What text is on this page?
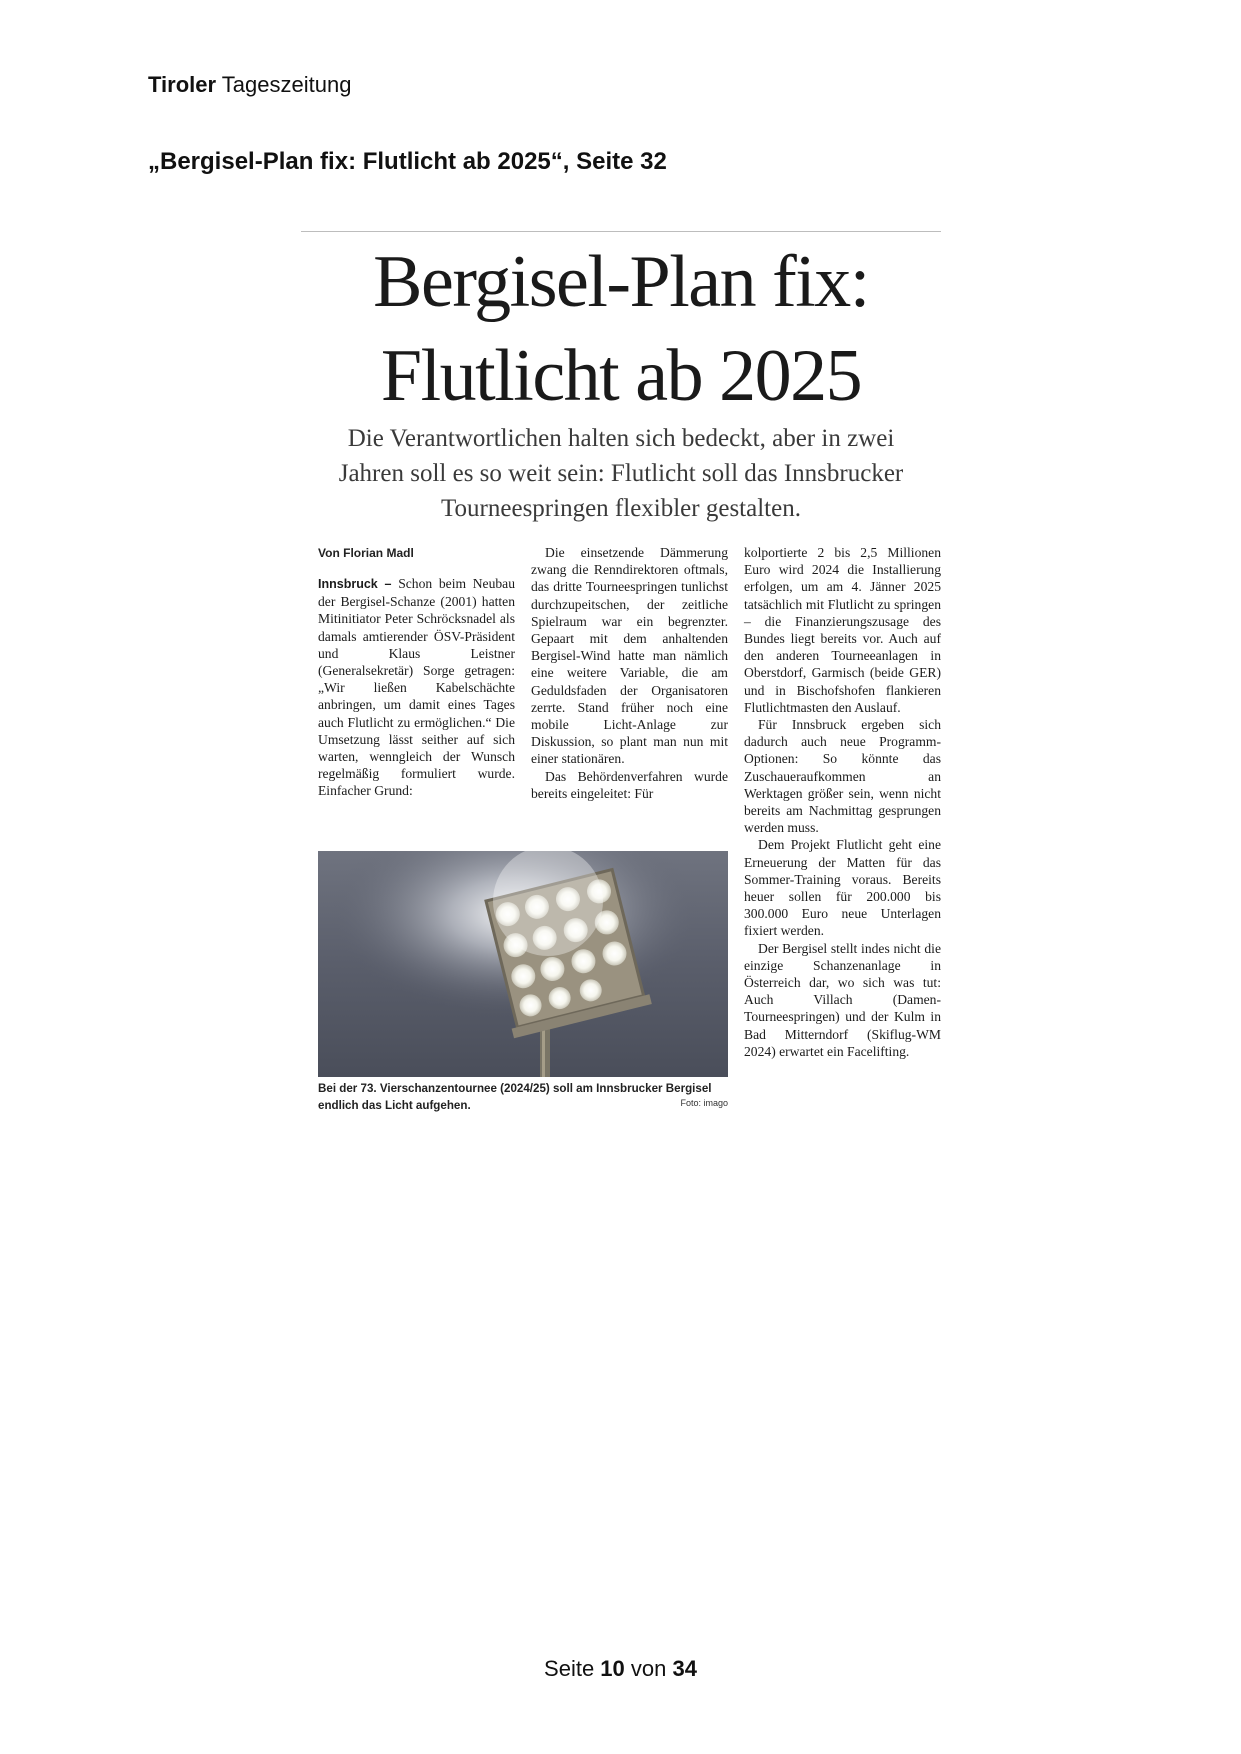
Tiroler Tageszeitung
„Bergisel-Plan fix: Flutlicht ab 2025“, Seite 32
Bergisel-Plan fix:
Flutlicht ab 2025
Die Verantwortlichen halten sich bedeckt, aber in zwei Jahren soll es so weit sein: Flutlicht soll das Innsbrucker Tourneespringen flexibler gestalten.
Von Florian Madl

Innsbruck – Schon beim Neubau der Bergisel-Schanze (2001) hatten Mitinitiator Peter Schröcksnadel als damals amtierender ÖSV-Präsident und Klaus Leistner (Generalsekretär) Sorge getragen: „Wir ließen Kabelschächte anbringen, um damit eines Tages auch Flutlicht zu ermöglichen.“ Die Umsetzung lässt seither auf sich warten, wenngleich der Wunsch regelmäßig formuliert wurde. Einfacher Grund:

Bei der 73. Vierschanzentournee (2024/25) soll am Innsbrucker Bergisel endlich das Licht aufgehen.	Foto: imago

Die einsetzende Dämmerung zwang die Renndirektoren oftmals, das dritte Tourneespringen tunlichst durchzupeitschen, der zeitliche Spielraum war ein begrenzter. Gepaart mit dem anhaltenden Bergisel-Wind hatte man nämlich eine weitere Variable, die am Geduldsfaden der Organisatoren zerrte. Stand früher noch eine mobile Licht-Anlage zur Diskussion, so plant man nun mit einer stationären.

Das Behördenverfahren wurde bereits eingeleitet: Für

kolportierte 2 bis 2,5 Millionen Euro wird 2024 die Installierung erfolgen, um am 4. Jänner 2025 tatsächlich mit Flutlicht zu springen – die Finanzierungszusage des Bundes liegt bereits vor. Auch auf den anderen Tourneeanlagen in Oberstdorf, Garmisch (beide GER) und in Bischofshofen flankieren Flutlichtmasten den Auslauf.

Für Innsbruck ergeben sich dadurch auch neue Programm-Optionen: So könnte das Zuschaueraufkommen an Werktagen größer sein, wenn nicht bereits am Nachmittag gesprungen werden muss.

Dem Projekt Flutlicht geht eine Erneuerung der Matten für das Sommer-Training voraus. Bereits heuer sollen für 200.000 bis 300.000 Euro neue Unterlagen fixiert werden.

Der Bergisel stellt indes nicht die einzige Schanzenanlage in Österreich dar, wo sich was tut: Auch Villach (Damen-Tourneespringen) und der Kulm in Bad Mitterndorf (Skiflug-WM 2024) erwartet ein Facelifting.

Seite 10 von 34
